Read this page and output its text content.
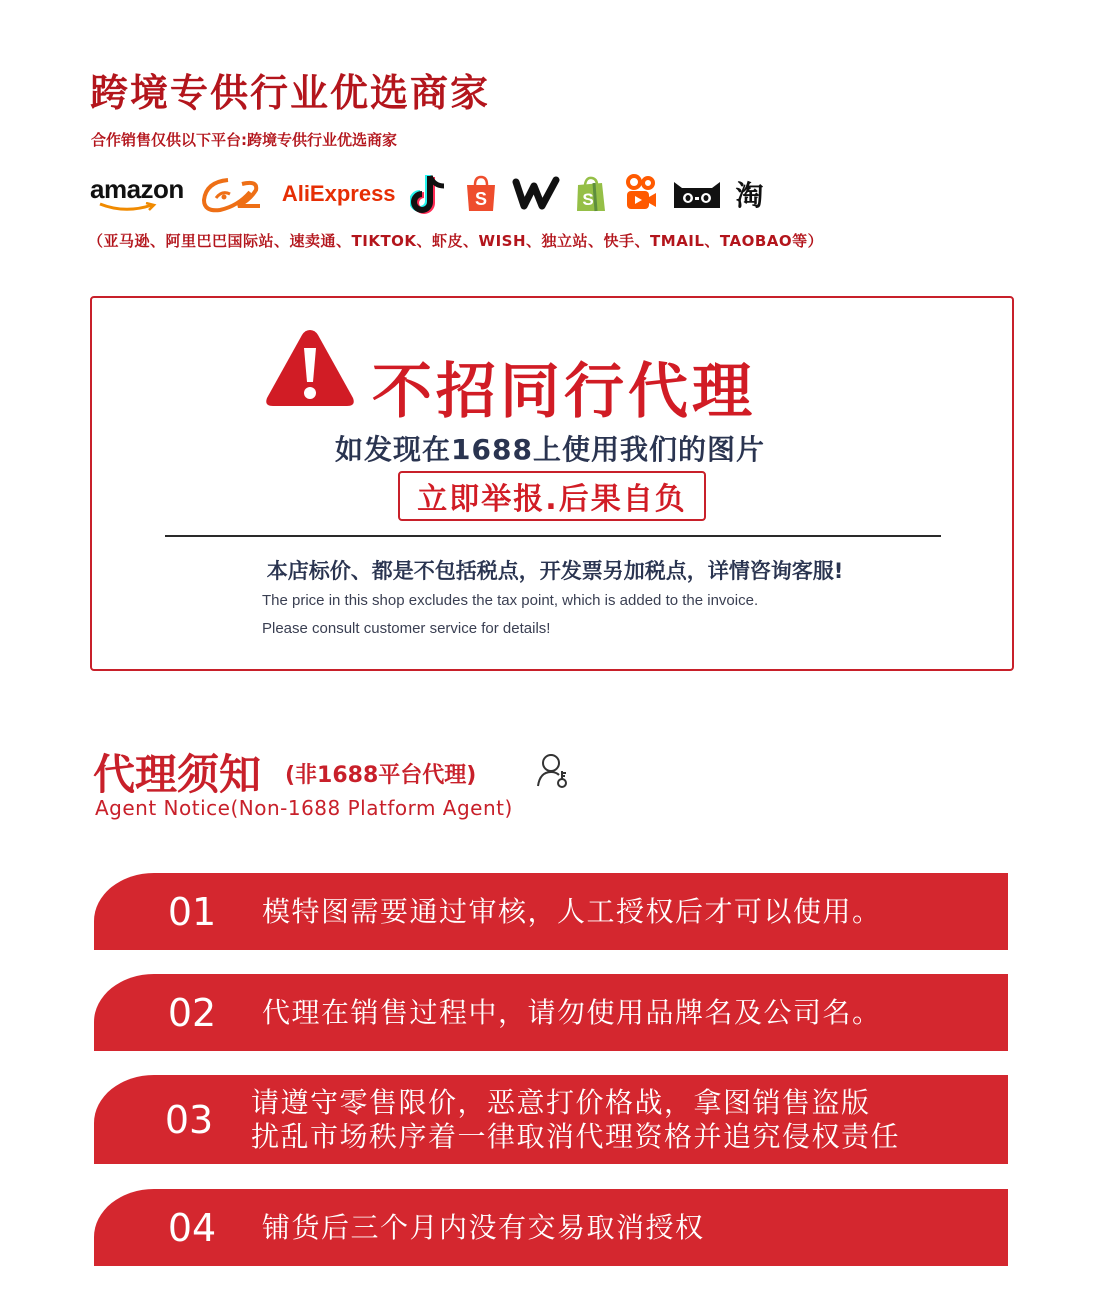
跨境专供行业优选商家
合作销售仅供以下平台:跨境专供行业优选商家
amazon	AliExpress	S	S	淘
（亚马逊、阿里巴巴国际站、速卖通、TIKTOK、虾皮、WISH、独立站、快手、TMAIL、TAOBAO等）
不招同行代理
如发现在1688上使用我们的图片
立即举报.后果自负
本店标价、都是不包括税点，开发票另加税点，详情咨询客服!
The price in this shop excludes the tax point, which is added to the invoice.
Please consult customer service for details!
代理须知 (非1688平台代理)
Agent Notice(Non-1688 Platform Agent)
01	模特图需要通过审核，人工授权后才可以使用。
02	代理在销售过程中，请勿使用品牌名及公司名。
03	请遵守零售限价，恶意打价格战，拿图销售盗版
扰乱市场秩序着一律取消代理资格并追究侵权责任
04	铺货后三个月内没有交易取消授权
